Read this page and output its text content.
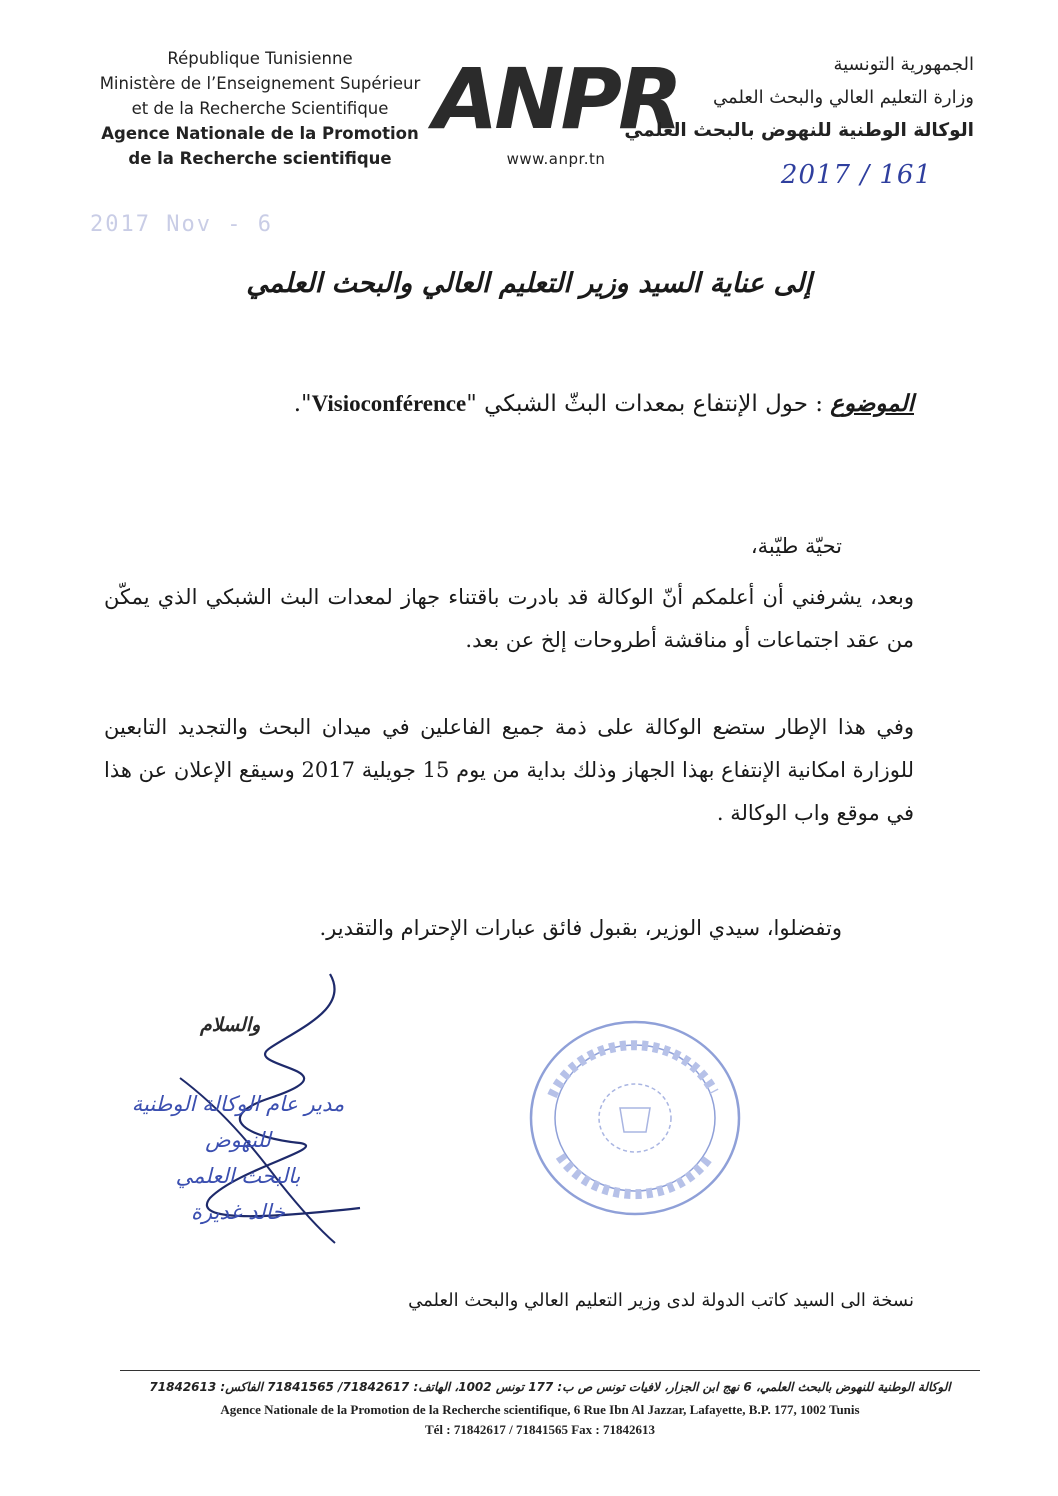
République Tunisienne
Ministère de l’Enseignement Supérieur
et de la Recherche Scientifique
Agence Nationale de la Promotion
de la Recherche scientifique
ANPR
www.anpr.tn
الجمهورية التونسية
وزارة التعليم العالي والبحث العلمي
الوكالة الوطنية للنهوض بالبحث العلمي
2017 / 161
2017 Nov - 6
إلى عناية السيد وزير التعليم العالي والبحث العلمي
الموضوع : حول الإنتفاع بمعدات البثّ الشبكي "Visioconférence".
تحيّة طيّبة،
وبعد، يشرفني أن أعلمكم أنّ الوكالة قد بادرت باقتناء جهاز لمعدات البث الشبكي الذي يمكّن من عقد اجتماعات أو مناقشة أطروحات إلخ عن بعد.
وفي هذا الإطار ستضع الوكالة على ذمة جميع الفاعلين في ميدان البحث والتجديد التابعين للوزارة امكانية الإنتفاع بهذا الجهاز وذلك بداية من يوم 15 جويلية 2017 وسيقع الإعلان عن هذا في موقع واب الوكالة .
وتفضلوا، سيدي الوزير، بقبول فائق عبارات الإحترام والتقدير.
والسلام
مدير عام الوكالة الوطنية للنهوض
بالبحث العلمي
خالد غديرة
نسخة الى السيد كاتب الدولة لدى وزير التعليم العالي والبحث العلمي
الوكالة الوطنية للنهوض بالبحث العلمي، 6 نهج ابن الجزار، لافيات تونس ص ب: 177 تونس 1002، الهاتف: 71842617/ 71841565 الفاكس: 71842613
Agence Nationale de la Promotion de la Recherche scientifique, 6 Rue Ibn Al Jazzar, Lafayette, B.P. 177, 1002 Tunis
Tél : 71842617 / 71841565 Fax : 71842613
